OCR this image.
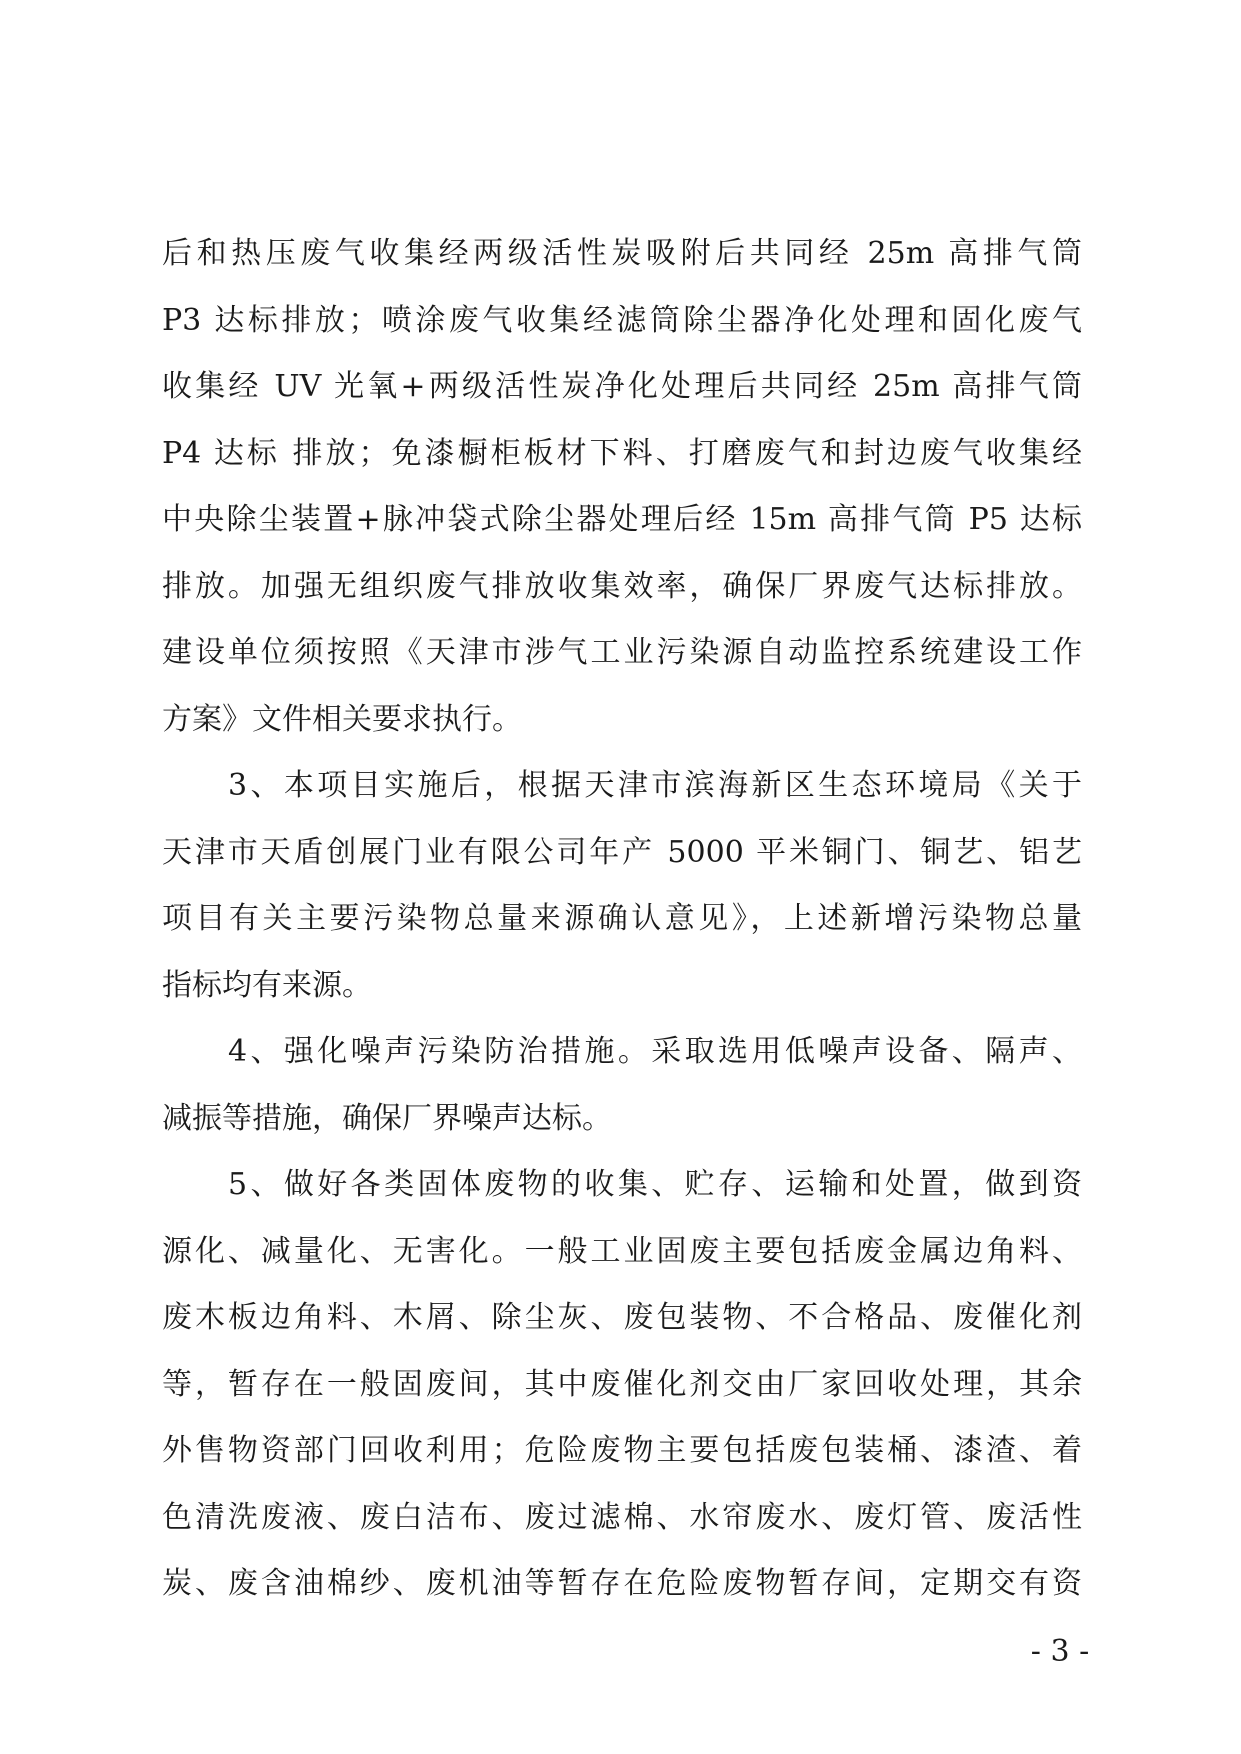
后和热压废气收集经两级活性炭吸附后共同经 25m 高排气筒
P3 达标排放；喷涂废气收集经滤筒除尘器净化处理和固化废气
收集经 UV 光氧+两级活性炭净化处理后共同经 25m 高排气筒
P4 达标 排放；免漆橱柜板材下料、打磨废气和封边废气收集经
中央除尘装置+脉冲袋式除尘器处理后经 15m 高排气筒 P5 达标
排放。加强无组织废气排放收集效率，确保厂界废气达标排放。
建设单位须按照《天津市涉气工业污染源自动监控系统建设工作
方案》文件相关要求执行。
3、本项目实施后，根据天津市滨海新区生态环境局《关于
天津市天盾创展门业有限公司年产 5000 平米铜门、铜艺、铝艺
项目有关主要污染物总量来源确认意见》，上述新增污染物总量
指标均有来源。
4、强化噪声污染防治措施。采取选用低噪声设备、隔声、
减振等措施，确保厂界噪声达标。
5、做好各类固体废物的收集、贮存、运输和处置，做到资
源化、减量化、无害化。一般工业固废主要包括废金属边角料、
废木板边角料、木屑、除尘灰、废包装物、不合格品、废催化剂
等，暂存在一般固废间，其中废催化剂交由厂家回收处理，其余
外售物资部门回收利用；危险废物主要包括废包装桶、漆渣、着
色清洗废液、废白洁布、废过滤棉、水帘废水、废灯管、废活性
炭、废含油棉纱、废机油等暂存在危险废物暂存间，定期交有资
- 3 -
